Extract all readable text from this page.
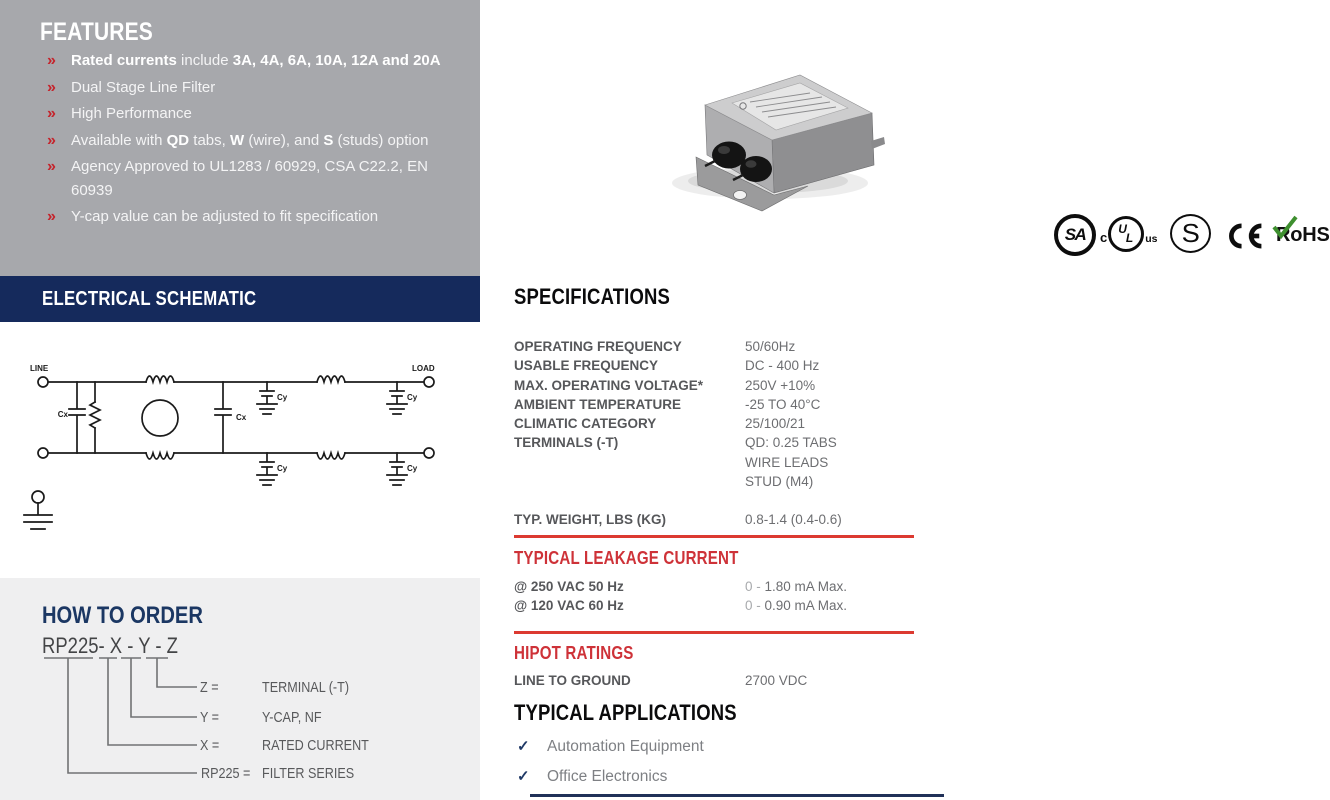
FEATURES
»	Rated currents include 3A, 4A, 6A, 10A, 12A and 20A
»	Dual Stage Line Filter
»	High Performance
»	Available with QD tabs, W (wire), and S (studs) option
»	Agency Approved to UL1283 / 60929, CSA C22.2, EN 60939
»	Y-cap value can be adjusted to fit specification
ELECTRICAL SCHEMATIC
LINE	LOAD
Cx	Cx
Cy	Cy
Cy	Cy
HOW TO ORDER
RP225- X - Y - Z
Z =	TERMINAL (-T)
Y =	Y-CAP, NF
X =	RATED CURRENT
RP225 = FILTER SERIES
SA c
U
L us S	RoHS
SPECIFICATIONS
OPERATING FREQUENCY	50/60Hz
USABLE FREQUENCY	DC - 400 Hz
MAX. OPERATING VOLTAGE*	250V +10%
AMBIENT TEMPERATURE	-25 TO 40°C
CLIMATIC CATEGORY	25/100/21
TERMINALS (-T)	QD: 0.25 TABS
WIRE LEADS
STUD (M4)
TYP. WEIGHT, LBS (KG)	0.8-1.4 (0.4-0.6)
TYPICAL LEAKAGE CURRENT
@ 250 VAC 50 Hz	0 - 1.80 mA Max.
@ 120 VAC 60 Hz	0 - 0.90 mA Max.
HIPOT RATINGS
LINE TO GROUND	2700 VDC
TYPICAL APPLICATIONS
✓	Automation Equipment
✓	Office Electronics
